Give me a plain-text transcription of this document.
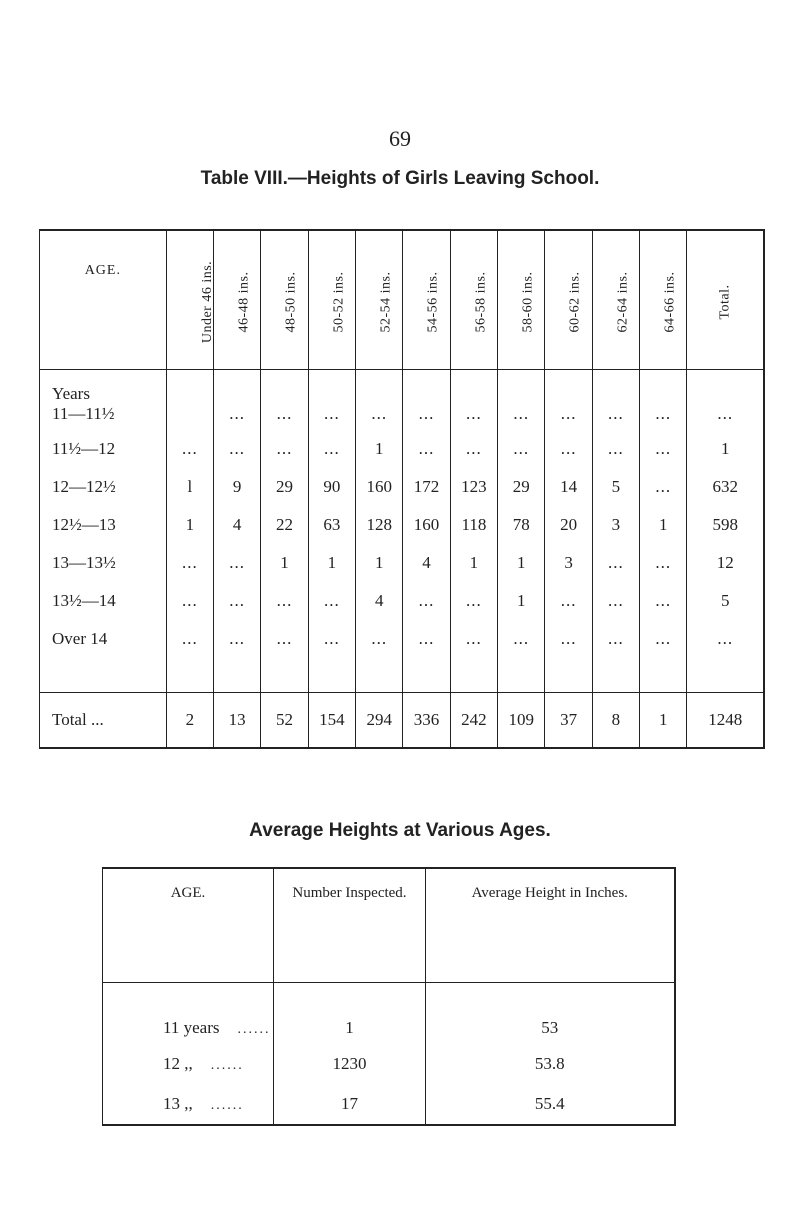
69
Table VIII.—Heights of Girls Leaving School.
AGE.	Under 46 ins.	46-48 ins.	48-50 ins.	50-52 ins.	52-54 ins.	54-56 ins.	56-58 ins.	58-60 ins.	60-62 ins.	62-64 ins.	64-66 ins.	Total.

Years
11—11½		...	...	...	...	...	...	...	...	...	...	...

11½—12	...	...	...	...	1	...	...	...	...	...	...	1

12—12½	l	9	29	90	160	172	123	29	14	5	...	632

12½—13	1	4	22	63	128	160	118	78	20	3	1	598

13—13½	...	...	1	1	1	4	1	1	3	...	...	12

13½—14	...	...	...	...	4	...	...	1	...	...	...	5

Over 14	...	...	...	...	...	...	...	...	...	...	...	...

Total ...	2	13	52	154	294	336	242	109	37	8	1	1248
Average Heights at Various Ages.
AGE.	Number Inspected.	Average Height in Inches.
11 years ......	1	53
12 ,, ......	1230	53.8
13 ,, ......	17	55.4
